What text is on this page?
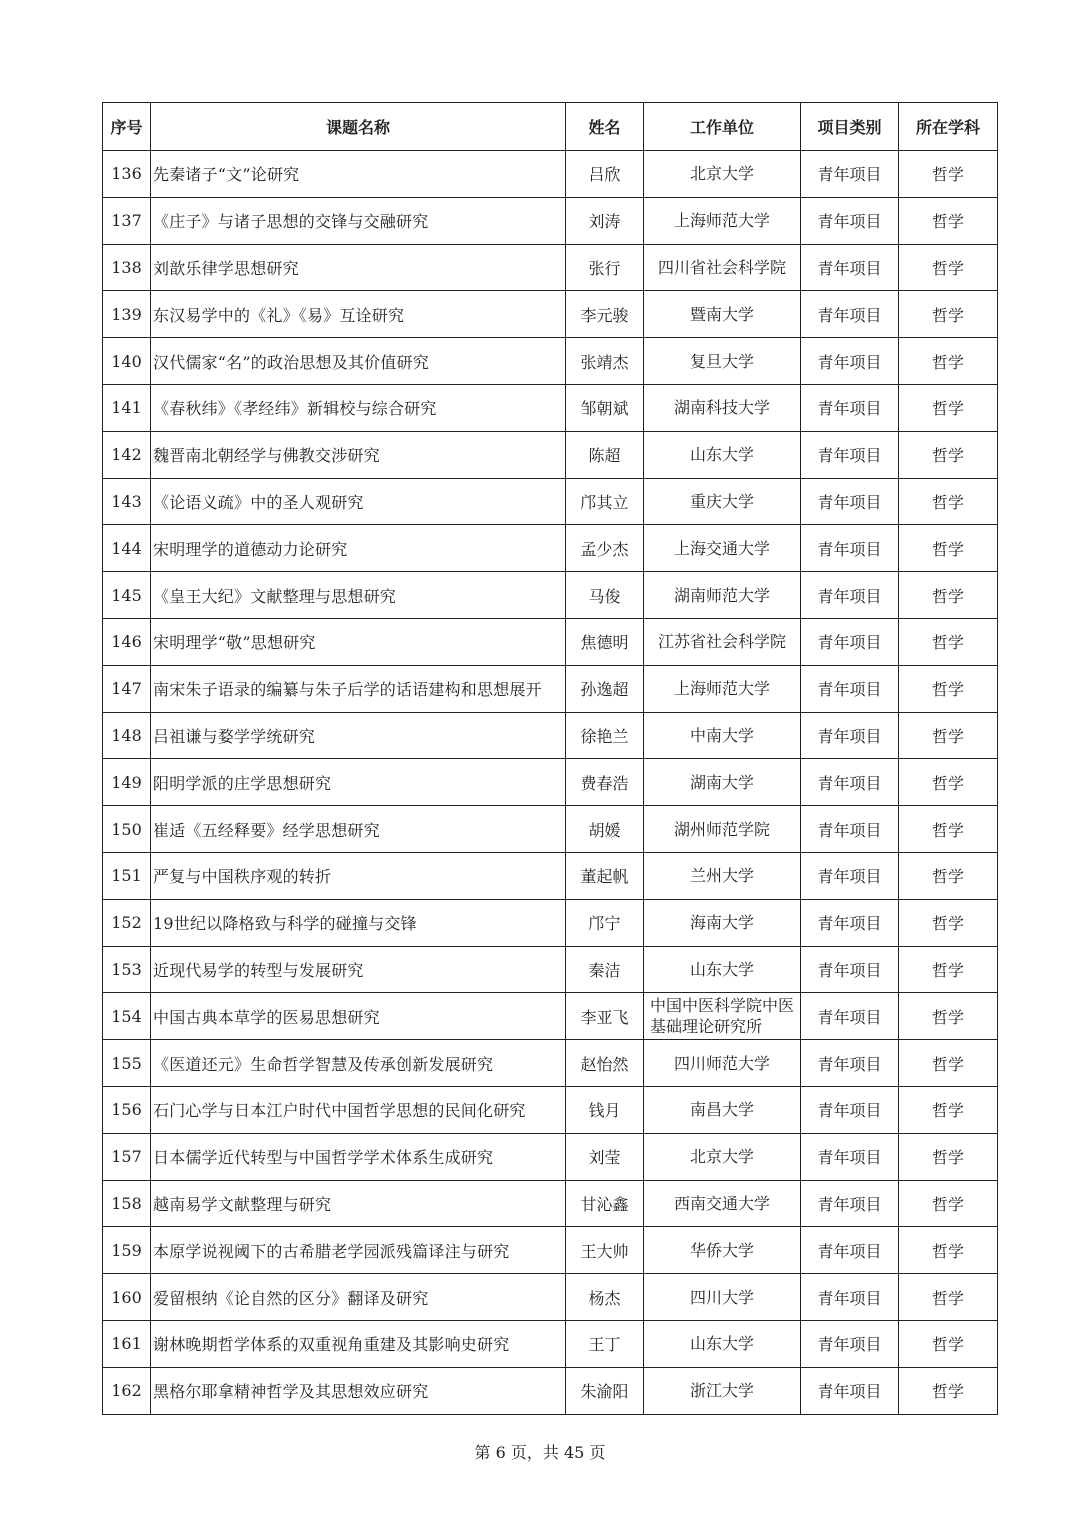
序号	课题名称	姓名	工作单位	项目类别	所在学科
136	先秦诸子“文”论研究	吕欣	北京大学	青年项目	哲学
137	《庄子》与诸子思想的交锋与交融研究	刘涛	上海师范大学	青年项目	哲学
138	刘歆乐律学思想研究	张行	四川省社会科学院	青年项目	哲学
139	东汉易学中的《礼》《易》互诠研究	李元骏	暨南大学	青年项目	哲学
140	汉代儒家“名”的政治思想及其价值研究	张靖杰	复旦大学	青年项目	哲学
141	《春秋纬》《孝经纬》新辑校与综合研究	邹朝斌	湖南科技大学	青年项目	哲学
142	魏晋南北朝经学与佛教交涉研究	陈超	山东大学	青年项目	哲学
143	《论语义疏》中的圣人观研究	邝其立	重庆大学	青年项目	哲学
144	宋明理学的道德动力论研究	孟少杰	上海交通大学	青年项目	哲学
145	《皇王大纪》文献整理与思想研究	马俊	湖南师范大学	青年项目	哲学
146	宋明理学“敬”思想研究	焦德明	江苏省社会科学院	青年项目	哲学
147	南宋朱子语录的编纂与朱子后学的话语建构和思想展开	孙逸超	上海师范大学	青年项目	哲学
148	吕祖谦与婺学学统研究	徐艳兰	中南大学	青年项目	哲学
149	阳明学派的庄学思想研究	费春浩	湖南大学	青年项目	哲学
150	崔适《五经释要》经学思想研究	胡媛	湖州师范学院	青年项目	哲学
151	严复与中国秩序观的转折	董起帆	兰州大学	青年项目	哲学
152	19世纪以降格致与科学的碰撞与交锋	邝宁	海南大学	青年项目	哲学
153	近现代易学的转型与发展研究	秦洁	山东大学	青年项目	哲学
154	中国古典本草学的医易思想研究	李亚飞	中国中医科学院中医基础理论研究所	青年项目	哲学
155	《医道还元》生命哲学智慧及传承创新发展研究	赵怡然	四川师范大学	青年项目	哲学
156	石门心学与日本江户时代中国哲学思想的民间化研究	钱月	南昌大学	青年项目	哲学
157	日本儒学近代转型与中国哲学学术体系生成研究	刘莹	北京大学	青年项目	哲学
158	越南易学文献整理与研究	甘沁鑫	西南交通大学	青年项目	哲学
159	本原学说视阈下的古希腊老学园派残篇译注与研究	王大帅	华侨大学	青年项目	哲学
160	爱留根纳《论自然的区分》翻译及研究	杨杰	四川大学	青年项目	哲学
161	谢林晚期哲学体系的双重视角重建及其影响史研究	王丁	山东大学	青年项目	哲学
162	黑格尔耶拿精神哲学及其思想效应研究	朱渝阳	浙江大学	青年项目	哲学
第 6 页，共 45 页
